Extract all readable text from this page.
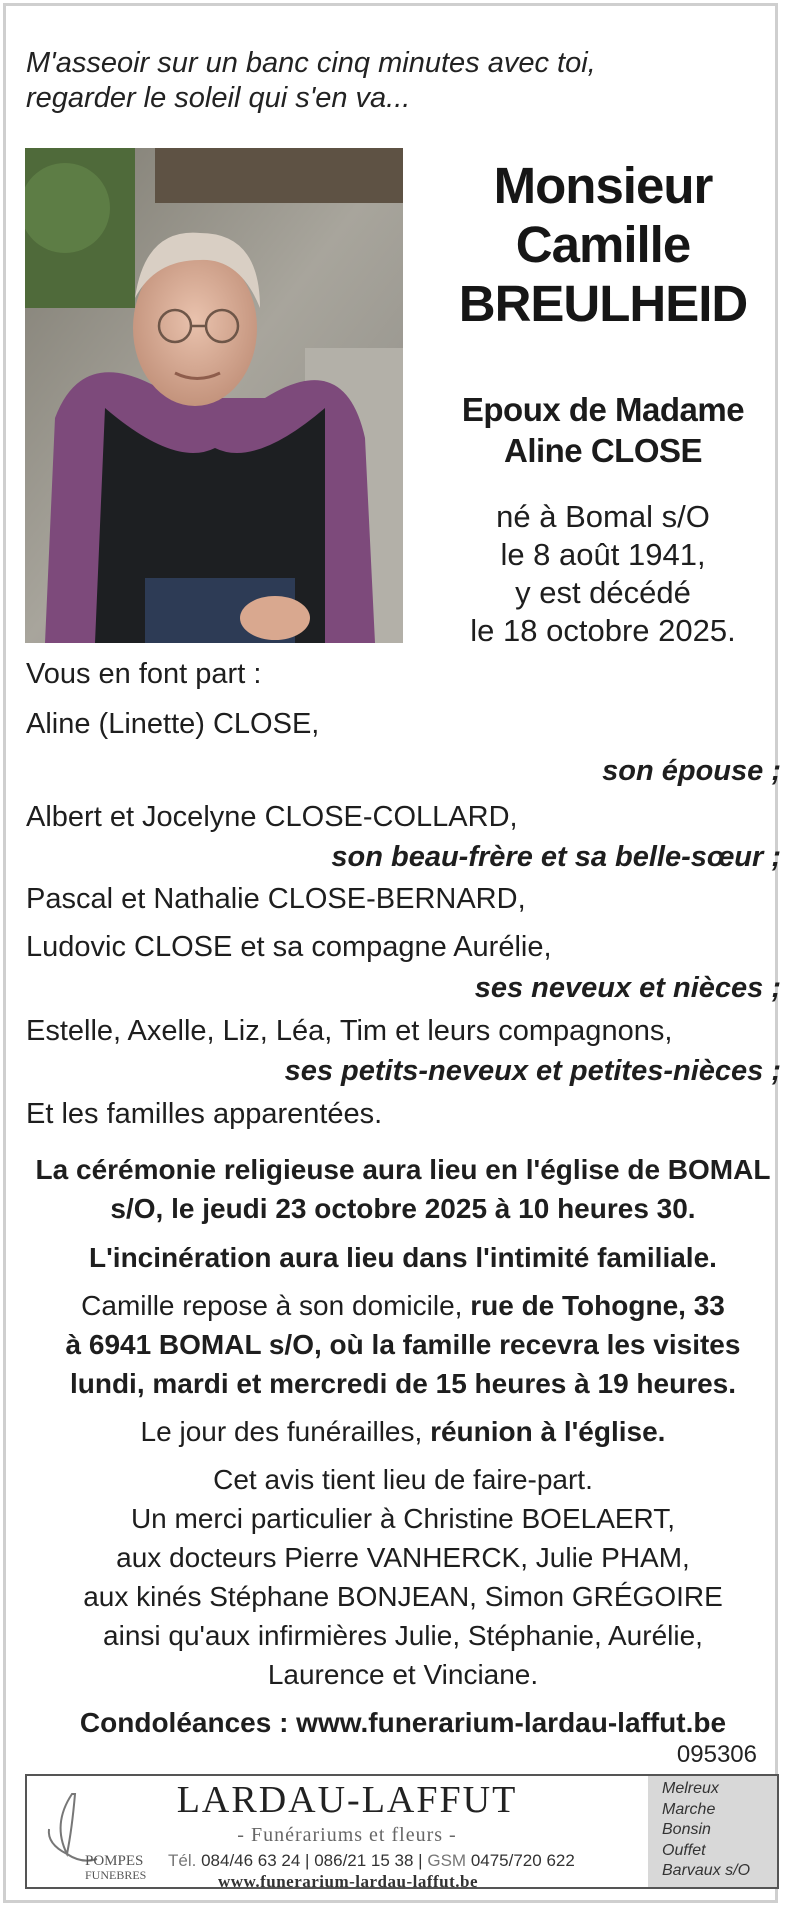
M'asseoir sur un banc cinq minutes avec toi,
regarder le soleil qui s'en va...
Monsieur
Camille
BREULHEID
Epoux de Madame
Aline CLOSE
né à Bomal s/O
le 8 août 1941,
y est décédé
le 18 octobre 2025.
Vous en font part :
Aline (Linette) CLOSE,
son épouse ;
Albert et Jocelyne CLOSE-COLLARD,
son beau-frère et sa belle-sœur ;
Pascal et Nathalie CLOSE-BERNARD,
Ludovic CLOSE et sa compagne Aurélie,
ses neveux et nièces ;
Estelle, Axelle, Liz, Léa, Tim et leurs compagnons,
ses petits-neveux et petites-nièces ;
Et les familles apparentées.
La cérémonie religieuse aura lieu en l'église de BOMAL
s/O, le jeudi 23 octobre 2025 à 10 heures 30.
L'incinération aura lieu dans l'intimité familiale.
Camille repose à son domicile, rue de Tohogne, 33
à 6941 BOMAL s/O, où la famille recevra les visites
lundi, mardi et mercredi de 15 heures à 19 heures.
Le jour des funérailles, réunion à l'église.
Cet avis tient lieu de faire-part.
Un merci particulier à Christine BOELAERT,
aux docteurs Pierre VANHERCK, Julie PHAM,
aux kinés Stéphane BONJEAN, Simon GRÉGOIRE
ainsi qu'aux infirmières Julie, Stéphanie, Aurélie,
Laurence et Vinciane.
Condoléances : www.funerarium-lardau-laffut.be
095306
POMPES
FUNEBRES
LARDAU-LAFFUT
- Funérariums et fleurs -
Tél. 084/46 63 24 | 086/21 15 38 | GSM 0475/720 622
www.funerarium-lardau-laffut.be
Melreux
Marche
Bonsin
Ouffet
Barvaux s/O
